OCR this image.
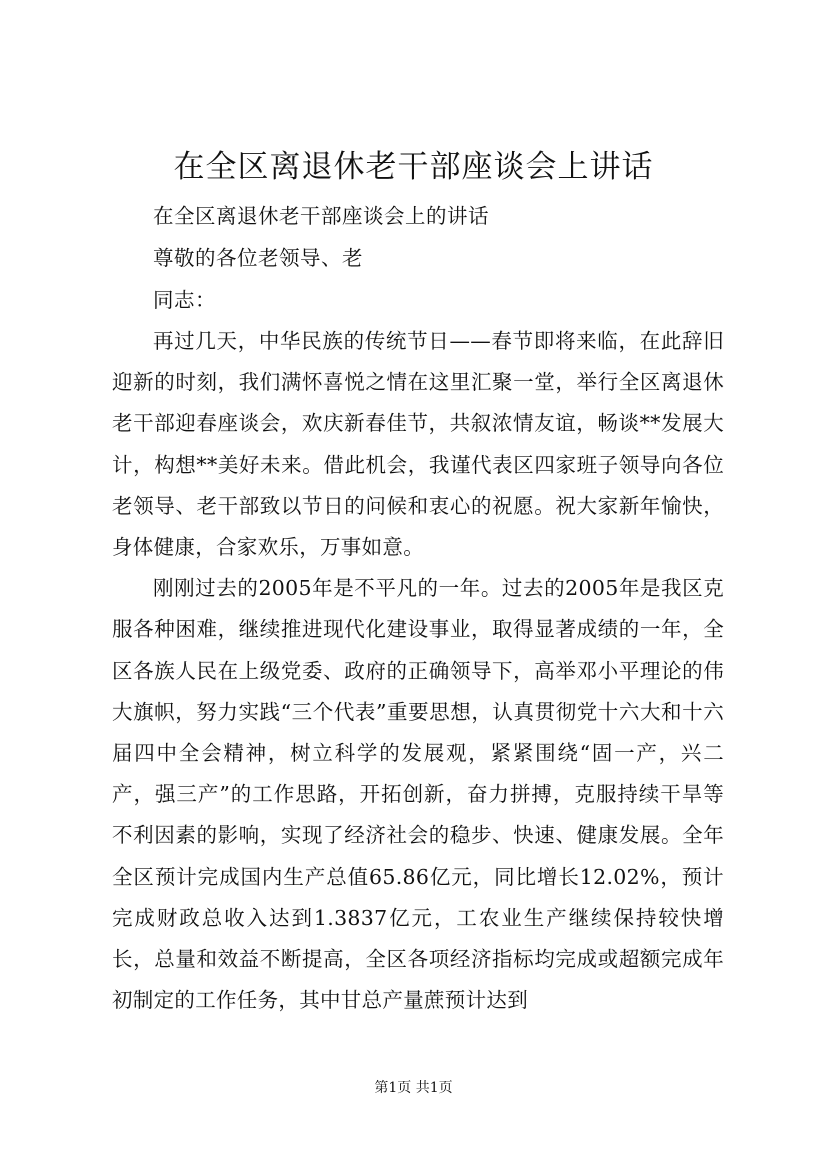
在全区离退休老干部座谈会上讲话

在全区离退休老干部座谈会上的讲话

尊敬的各位老领导、老

同志：

再过几天，中华民族的传统节日——春节即将来临，在此辞旧迎新的时刻，我们满怀喜悦之情在这里汇聚一堂，举行全区离退休老干部迎春座谈会，欢庆新春佳节，共叙浓情友谊，畅谈**发展大计，构想**美好未来。借此机会，我谨代表区四家班子领导向各位老领导、老干部致以节日的问候和衷心的祝愿。祝大家新年愉快，身体健康，合家欢乐，万事如意。

刚刚过去的2005年是不平凡的一年。过去的2005年是我区克服各种困难，继续推进现代化建设事业，取得显著成绩的一年，全区各族人民在上级党委、政府的正确领导下，高举邓小平理论的伟大旗帜，努力实践“三个代表”重要思想，认真贯彻党十六大和十六届四中全会精神，树立科学的发展观，紧紧围绕“固一产，兴二产，强三产”的工作思路，开拓创新，奋力拼搏，克服持续干旱等不利因素的影响，实现了经济社会的稳步、快速、健康发展。全年全区预计完成国内生产总值65.86亿元，同比增长12.02%，预计完成财政总收入达到1.3837亿元，工农业生产继续保持较快增长，总量和效益不断提高，全区各项经济指标均完成或超额完成年初制定的工作任务，其中甘总产量蔗预计达到

第1页 共1页
